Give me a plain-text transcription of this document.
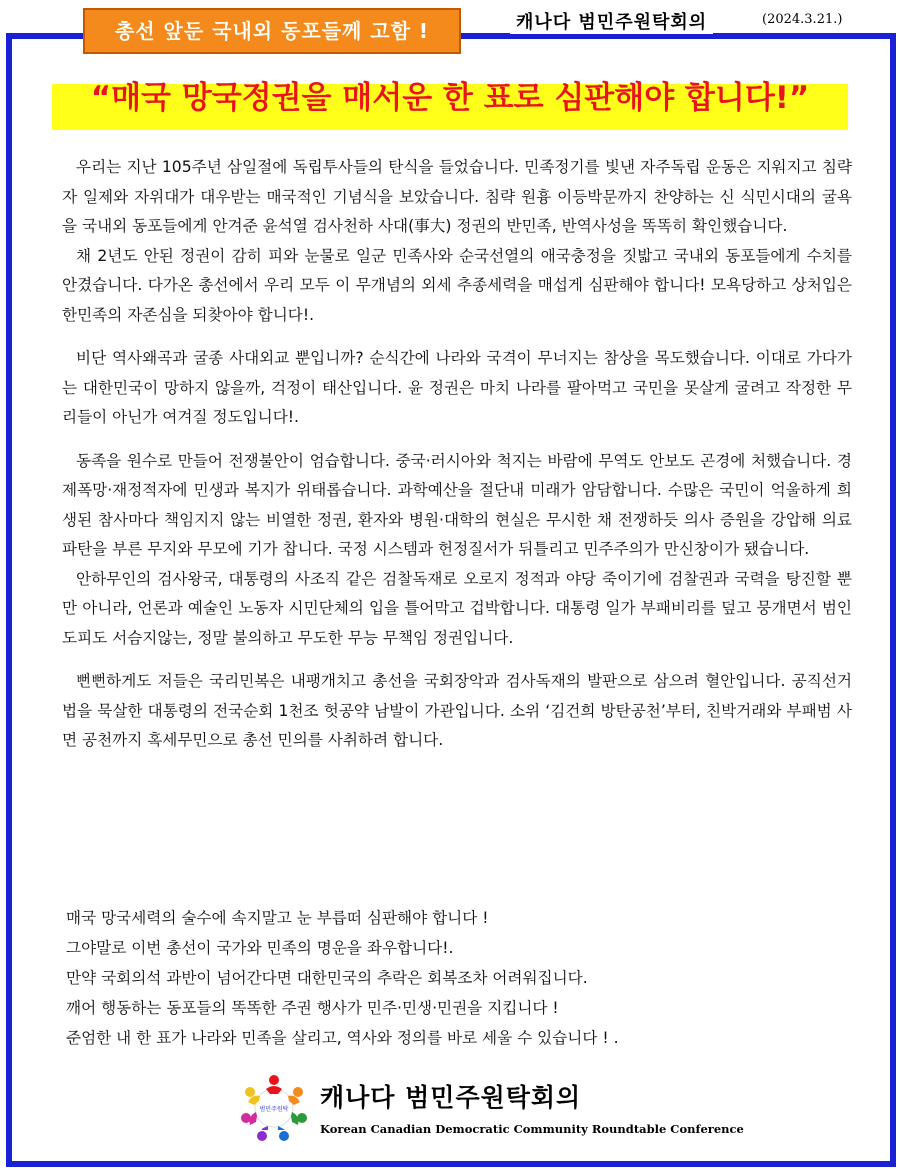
총선 앞둔 국내외 동포들께 고함 !	캐나다 범민주원탁회의	(2024.3.21.)
“매국 망국정권을 매서운 한 표로 심판해야 합니다!”

우리는 지난 105주년 삼일절에 독립투사들의 탄식을 들었습니다. 민족정기를 빛낸 자주독립 운동은 지워지고 침략자 일제와 자위대가 대우받는 매국적인 기념식을 보았습니다. 침략 원흉 이등박문까지 찬양하는 신 식민시대의 굴욕을 국내외 동포들에게 안겨준 윤석열 검사천하 사대(事大) 정권의 반민족, 반역사성을 똑똑히 확인했습니다.

채 2년도 안된 정권이 감히 피와 눈물로 일군 민족사와 순국선열의 애국충정을 짓밟고 국내외 동포들에게 수치를 안겼습니다. 다가온 총선에서 우리 모두 이 무개념의 외세 추종세력을 매섭게 심판해야 합니다! 모욕당하고 상처입은 한민족의 자존심을 되찾아야 합니다!.

비단 역사왜곡과 굴종 사대외교 뿐입니까? 순식간에 나라와 국격이 무너지는 참상을 목도했습니다. 이대로 가다가는 대한민국이 망하지 않을까, 걱정이 태산입니다. 윤 정권은 마치 나라를 팔아먹고 국민을 못살게 굴려고 작정한 무리들이 아닌가 여겨질 정도입니다!.

동족을 원수로 만들어 전쟁불안이 엄습합니다. 중국·러시아와 척지는 바람에 무역도 안보도 곤경에 처했습니다. 경제폭망·재정적자에 민생과 복지가 위태롭습니다. 과학예산을 절단내 미래가 암담합니다. 수많은 국민이 억울하게 희생된 참사마다 책임지지 않는 비열한 정권, 환자와 병원·대학의 현실은 무시한 채 전쟁하듯 의사 증원을 강압해 의료파탄을 부른 무지와 무모에 기가 찹니다. 국정 시스템과 헌정질서가 뒤틀리고 민주주의가 만신창이가 됐습니다.

안하무인의 검사왕국, 대통령의 사조직 같은 검찰독재로 오로지 정적과 야당 죽이기에 검찰권과 국력을 탕진할 뿐만 아니라, 언론과 예술인 노동자 시민단체의 입을 틀어막고 겁박합니다. 대통령 일가 부패비리를 덮고 뭉개면서 범인도피도 서슴지않는, 정말 불의하고 무도한 무능 무책임 정권입니다.

뻔뻔하게도 저들은 국리민복은 내팽개치고 총선을 국회장악과 검사독재의 발판으로 삼으려 혈안입니다. 공직선거법을 묵살한 대통령의 전국순회 1천조 헛공약 남발이 가관입니다. 소위 ‘김건희 방탄공천’부터, 친박거래와 부패범 사면 공천까지 혹세무민으로 총선 민의를 사취하려 합니다.

매국 망국세력의 술수에 속지말고 눈 부릅떠 심판해야 합니다 !
그야말로 이번 총선이 국가와 민족의 명운을 좌우합니다!.
만약 국회의석 과반이 넘어간다면 대한민국의 추락은 회복조차 어려워집니다.
깨어 행동하는 동포들의 똑똑한 주권 행사가 민주·민생·민권을 지킵니다 !
준엄한 내 한 표가 나라와 민족을 살리고, 역사와 정의를 바로 세울 수 있습니다 ! .
범민주원탁 캐나다 범민주원탁회의
Korean Canadian Democratic Community Roundtable Conference
